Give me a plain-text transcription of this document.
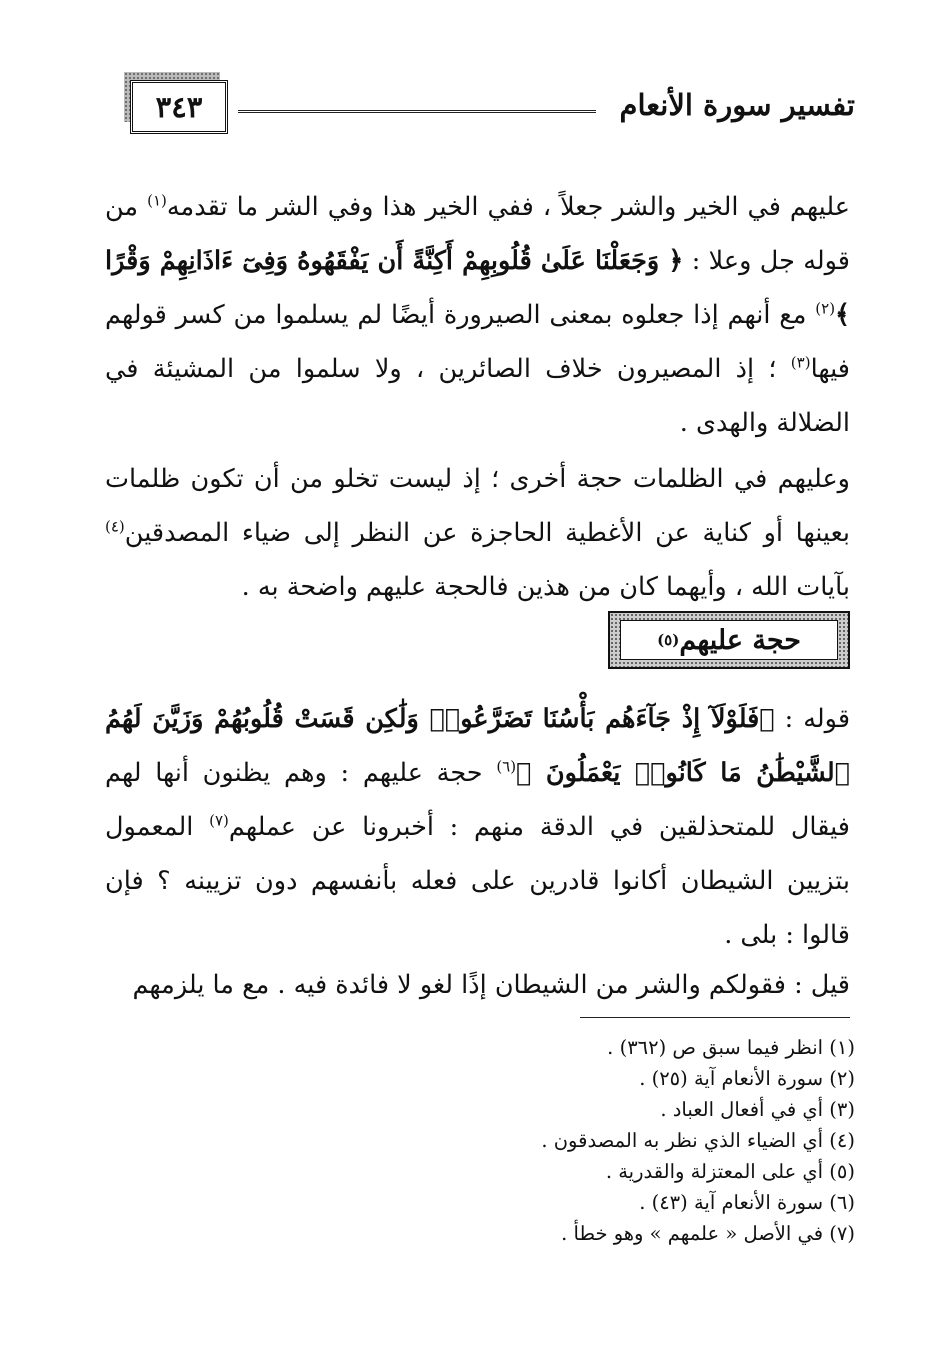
تفسير سورة الأنعام
٣٤٣
عليهم في الخير والشر جعلاً ، ففي الخير هذا وفي الشر ما تقدمه$^{(١)}$ من قوله جل وعلا : ﴿ وَجَعَلْنَا عَلَىٰ قُلُوبِهِمْ أَكِنَّةً أَن يَفْقَهُوهُ وَفِىٓ ءَاذَانِهِمْ وَقْرًا ﴾$^{(٢)}$ مع أنهم إذا جعلوه بمعنى الصيرورة أيضًا لم يسلموا من كسر قولهم فيها$^{(٣)}$ ؛ إذ المصيرون خلاف الصائرين ، ولا سلموا من المشيئة في الضلالة والهدى .
وعليهم في الظلمات حجة أخرى ؛ إذ ليست تخلو من أن تكون ظلمات بعينها أو كناية عن الأغطية الحاجزة عن النظر إلى ضياء المصدقين$^{(٤)}$ بآيات الله ، وأيهما كان من هذين فالحجة عليهم واضحة به .
حجة عليهم
(٥)
قوله : ﴿فَلَوْلَآ إِذْ جَآءَهُم بَأْسُنَا تَضَرَّعُوا۟ وَلَٰكِن قَسَتْ قُلُوبُهُمْ وَزَيَّنَ لَهُمُ ٱلشَّيْطَٰنُ مَا كَانُوا۟ يَعْمَلُونَ ﴾$^{(٦)}$ حجة عليهم : وهم يظنون أنها لهم فيقال للمتحذلقين في الدقة منهم : أخبرونا عن عملهم$^{(٧)}$ المعمول بتزيين الشيطان أكانوا قادرين على فعله بأنفسهم دون تزيينه ؟ فإن قالوا : بلى .
قيل : فقولكم والشر من الشيطان إذًا لغو لا فائدة فيه . مع ما يلزمهم
(١) انظر فيما سبق ص (٣٦٢) .
(٢) سورة الأنعام آية (٢٥) .
(٣) أي في أفعال العباد .
(٤) أي الضياء الذي نظر به المصدقون .
(٥) أي على المعتزلة والقدرية .
(٦) سورة الأنعام آية (٤٣) .
(٧) في الأصل « علمهم » وهو خطأ .
